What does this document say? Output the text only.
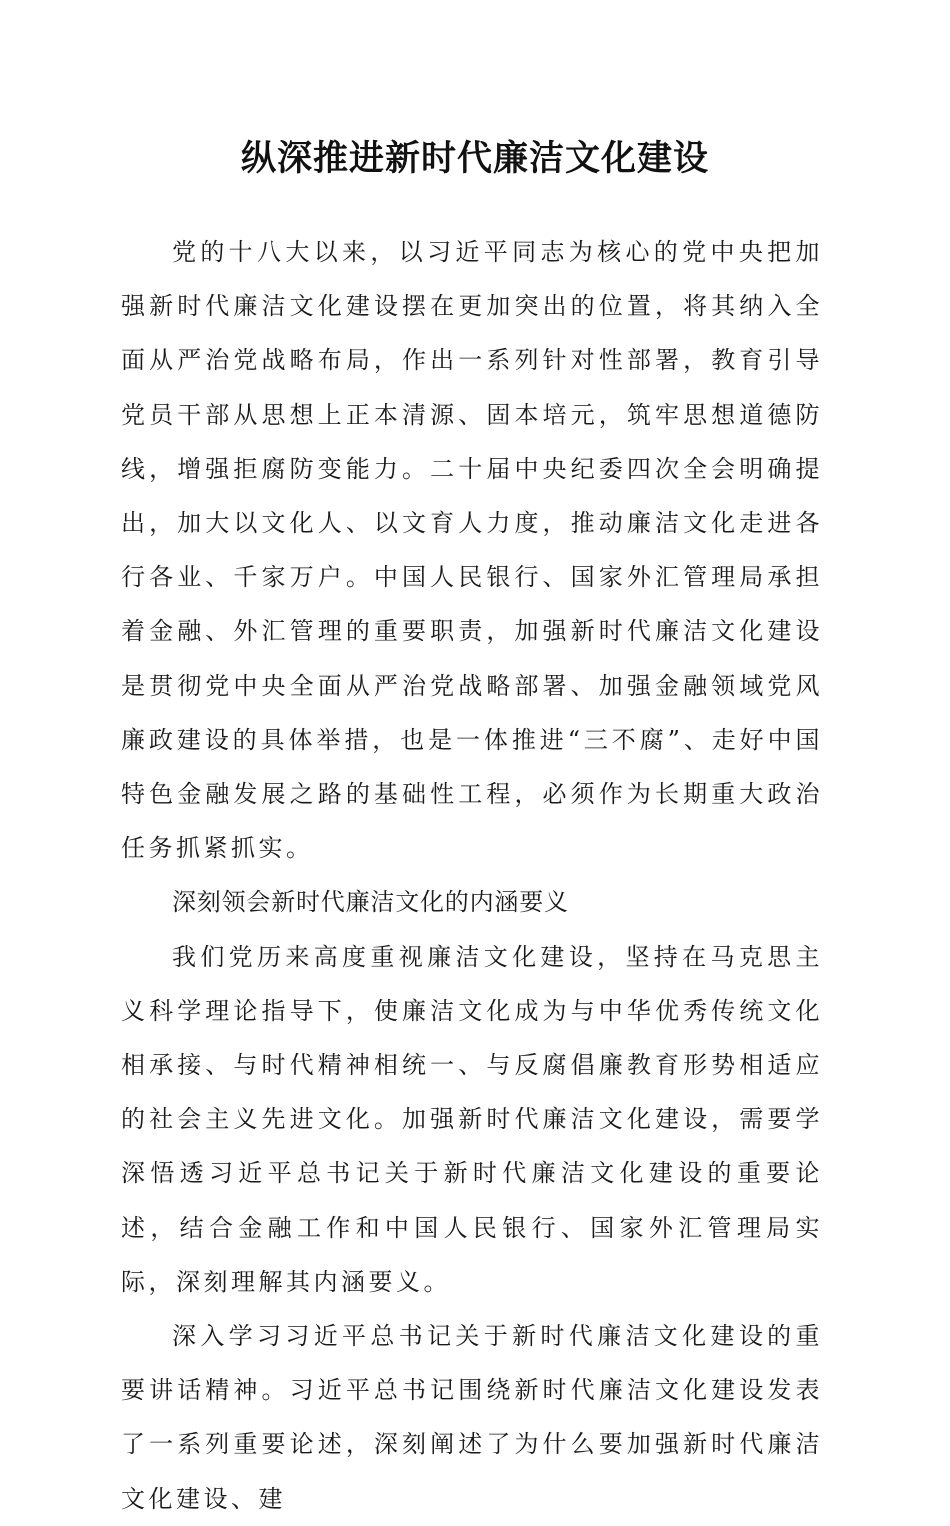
纵深推进新时代廉洁文化建设

党的十八大以来，以习近平同志为核心的党中央把加强新时代廉洁文化建设摆在更加突出的位置，将其纳入全面从严治党战略布局，作出一系列针对性部署，教育引导党员干部从思想上正本清源、固本培元，筑牢思想道德防线，增强拒腐防变能力。二十届中央纪委四次全会明确提出，加大以文化人、以文育人力度，推动廉洁文化走进各行各业、千家万户。中国人民银行、国家外汇管理局承担着金融、外汇管理的重要职责，加强新时代廉洁文化建设是贯彻党中央全面从严治党战略部署、加强金融领域党风廉政建设的具体举措，也是一体推进“三不腐”、走好中国特色金融发展之路的基础性工程，必须作为长期重大政治任务抓紧抓实。

深刻领会新时代廉洁文化的内涵要义

我们党历来高度重视廉洁文化建设，坚持在马克思主义科学理论指导下，使廉洁文化成为与中华优秀传统文化相承接、与时代精神相统一、与反腐倡廉教育形势相适应的社会主义先进文化。加强新时代廉洁文化建设，需要学深悟透习近平总书记关于新时代廉洁文化建设的重要论述，结合金融工作和中国人民银行、国家外汇管理局实际，深刻理解其内涵要义。

深入学习习近平总书记关于新时代廉洁文化建设的重要讲话精神。习近平总书记围绕新时代廉洁文化建设发表了一系列重要论述，深刻阐述了为什么要加强新时代廉洁文化建设、建
